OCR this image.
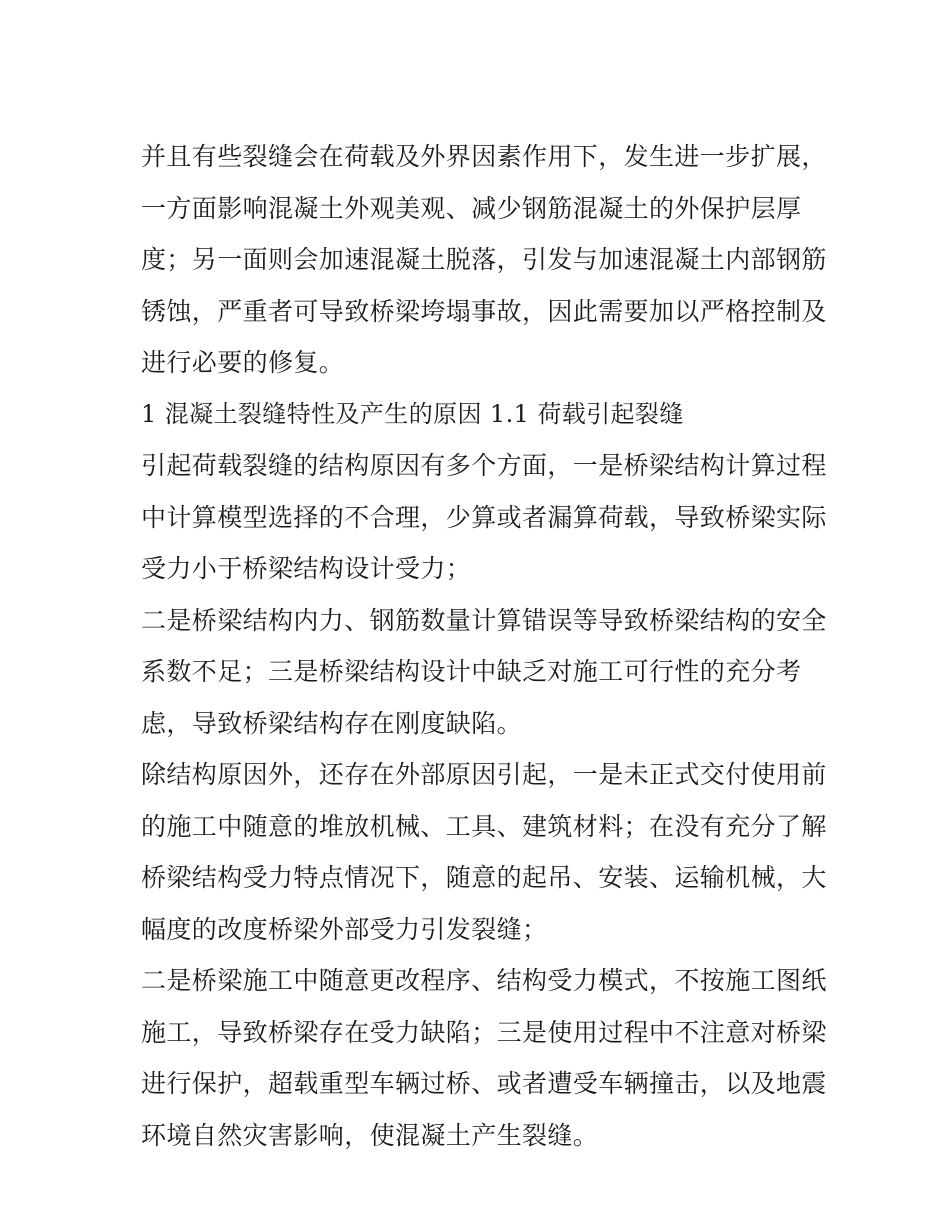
并且有些裂缝会在荷载及外界因素作用下，发生进一步扩展，
一方面影响混凝土外观美观、减少钢筋混凝土的外保护层厚
度；另一面则会加速混凝土脱落，引发与加速混凝土内部钢筋
锈蚀，严重者可导致桥梁垮塌事故，因此需要加以严格控制及
进行必要的修复。
1 混凝土裂缝特性及产生的原因 1.1 荷载引起裂缝
引起荷载裂缝的结构原因有多个方面，一是桥梁结构计算过程
中计算模型选择的不合理，少算或者漏算荷载，导致桥梁实际
受力小于桥梁结构设计受力；
二是桥梁结构内力、钢筋数量计算错误等导致桥梁结构的安全
系数不足；三是桥梁结构设计中缺乏对施工可行性的充分考
虑，导致桥梁结构存在刚度缺陷。
除结构原因外，还存在外部原因引起，一是未正式交付使用前
的施工中随意的堆放机械、工具、建筑材料；在没有充分了解
桥梁结构受力特点情况下，随意的起吊、安装、运输机械，大
幅度的改度桥梁外部受力引发裂缝；
二是桥梁施工中随意更改程序、结构受力模式，不按施工图纸
施工，导致桥梁存在受力缺陷；三是使用过程中不注意对桥梁
进行保护，超载重型车辆过桥、或者遭受车辆撞击，以及地震
环境自然灾害影响，使混凝土产生裂缝。
